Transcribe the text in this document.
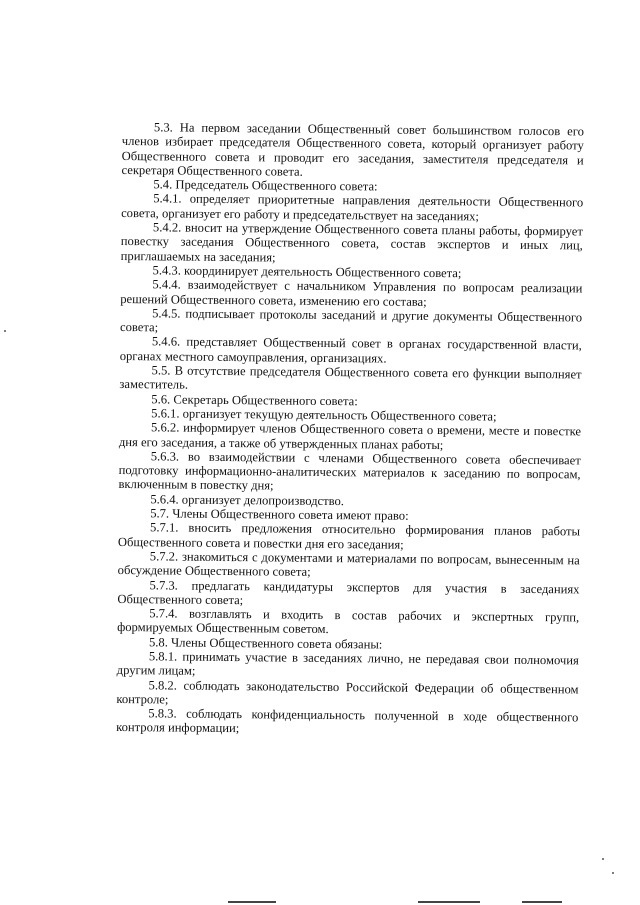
5.3. На первом заседании Общественный совет большинством голосов его членов избирает председателя Общественного совета, который организует работу Общественного совета и проводит его заседания, заместителя председателя и секретаря Общественного совета.

5.4. Председатель Общественного совета:

5.4.1. определяет приоритетные направления деятельности Общественного совета, организует его работу и председательствует на заседаниях;

5.4.2. вносит на утверждение Общественного совета планы работы, формирует повестку заседания Общественного совета, состав экспертов и иных лиц, приглашаемых на заседания;

5.4.3. координирует деятельность Общественного совета;

5.4.4. взаимодействует с начальником Управления по вопросам реализации решений Общественного совета, изменению его состава;

5.4.5. подписывает протоколы заседаний и другие документы Общественного совета;

5.4.6. представляет Общественный совет в органах государственной власти, органах местного самоуправления, организациях.

5.5. В отсутствие председателя Общественного совета его функции выполняет заместитель.

5.6. Секретарь Общественного совета:

5.6.1. организует текущую деятельность Общественного совета;

5.6.2. информирует членов Общественного совета о времени, месте и повестке дня его заседания, а также об утвержденных планах работы;

5.6.3. во взаимодействии с членами Общественного совета обеспечивает подготовку информационно-аналитических материалов к заседанию по вопросам, включенным в повестку дня;

5.6.4. организует делопроизводство.

5.7. Члены Общественного совета имеют право:

5.7.1. вносить предложения относительно формирования планов работы Общественного совета и повестки дня его заседания;

5.7.2. знакомиться с документами и материалами по вопросам, вынесенным на обсуждение Общественного совета;

5.7.3. предлагать кандидатуры экспертов для участия в заседаниях Общественного совета;

5.7.4. возглавлять и входить в состав рабочих и экспертных групп, формируемых Общественным советом.

5.8. Члены Общественного совета обязаны:

5.8.1. принимать участие в заседаниях лично, не передавая свои полномочия другим лицам;

5.8.2. соблюдать законодательство Российской Федерации об общественном контроле;

5.8.3. соблюдать конфиденциальность полученной в ходе общественного контроля информации;
